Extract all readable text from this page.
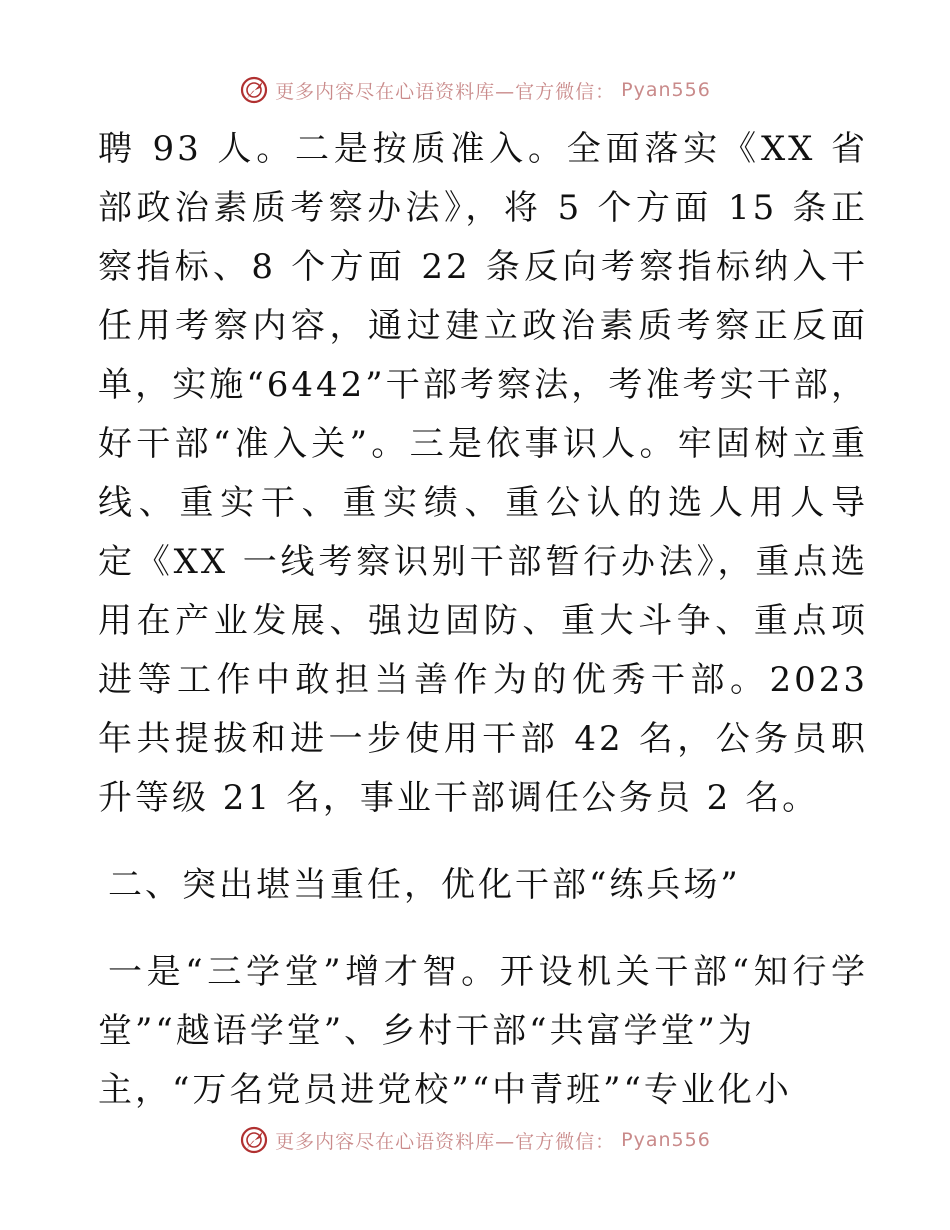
更多内容尽在心语资料库—官方微信： Pyan556
聘 93 人。二是按质准入。全面落实《XX 省
部政治素质考察办法》，将 5 个方面 15 条正
察指标、8 个方面 22 条反向考察指标纳入干
任用考察内容，通过建立政治素质考察正反面
单，实施“6442”干部考察法，考准考实干部，
好干部“准入关”。三是依事识人。牢固树立重
线、重实干、重实绩、重公认的选人用人导
定《XX 一线考察识别干部暂行办法》，重点选
用在产业发展、强边固防、重大斗争、重点项
进等工作中敢担当善作为的优秀干部。2023
年共提拔和进一步使用干部 42 名，公务员职
升等级 21 名，事业干部调任公务员 2 名。
二、突出堪当重任，优化干部“练兵场”
一是“三学堂”增才智。开设机关干部“知行学
堂”“越语学堂”、乡村干部“共富学堂”为
主，“万名党员进党校”“中青班”“专业化小
更多内容尽在心语资料库—官方微信： Pyan556
